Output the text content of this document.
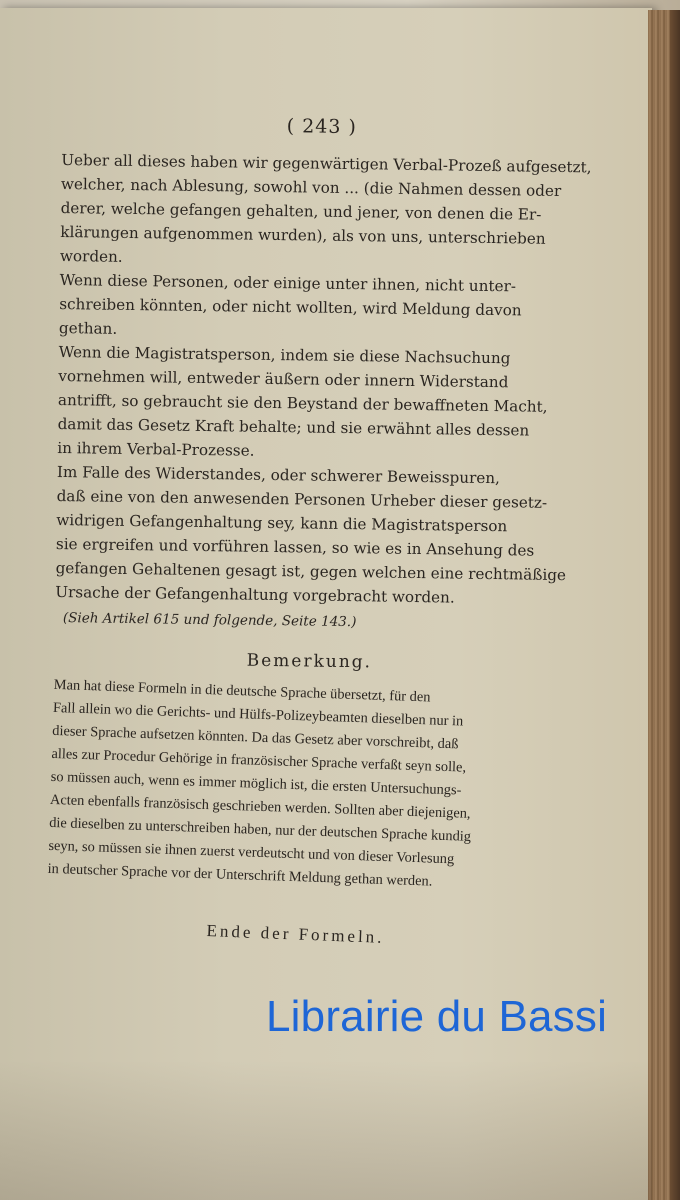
( 243 )

Ueber all dieses haben wir gegenwärtigen Verbal-Prozeß aufgesetzt,
welcher, nach Ablesung, sowohl von ... (die Nahmen dessen oder
derer, welche gefangen gehalten, und jener, von denen die Er-
klärungen aufgenommen wurden), als von uns, unterschrieben
worden.

Wenn diese Personen, oder einige unter ihnen, nicht unter-
schreiben könnten, oder nicht wollten, wird Meldung davon
gethan.

Wenn die Magistratsperson, indem sie diese Nachsuchung
vornehmen will, entweder äußern oder innern Widerstand
antrifft, so gebraucht sie den Beystand der bewaffneten Macht,
damit das Gesetz Kraft behalte; und sie erwähnt alles dessen
in ihrem Verbal-Prozesse.

Im Falle des Widerstandes, oder schwerer Beweisspuren,
daß eine von den anwesenden Personen Urheber dieser gesetz-
widrigen Gefangenhaltung sey, kann die Magistratsperson
sie ergreifen und vorführen lassen, so wie es in Ansehung des
gefangen Gehaltenen gesagt ist, gegen welchen eine rechtmäßige
Ursache der Gefangenhaltung vorgebracht worden.

(Sieh Artikel 615 und folgende, Seite 143.)
Bemerkung.

Man hat diese Formeln in die deutsche Sprache übersetzt, für den
Fall allein wo die Gerichts- und Hülfs-Polizeybeamten dieselben nur in
dieser Sprache aufsetzen könnten. Da das Gesetz aber vorschreibt, daß
alles zur Procedur Gehörige in französischer Sprache verfaßt seyn solle,
so müssen auch, wenn es immer möglich ist, die ersten Untersuchungs-
Acten ebenfalls französisch geschrieben werden. Sollten aber diejenigen,
die dieselben zu unterschreiben haben, nur der deutschen Sprache kundig
seyn, so müssen sie ihnen zuerst verdeutscht und von dieser Vorlesung
in deutscher Sprache vor der Unterschrift Meldung gethan werden.

Ende der Formeln.
Librairie du Bassi
